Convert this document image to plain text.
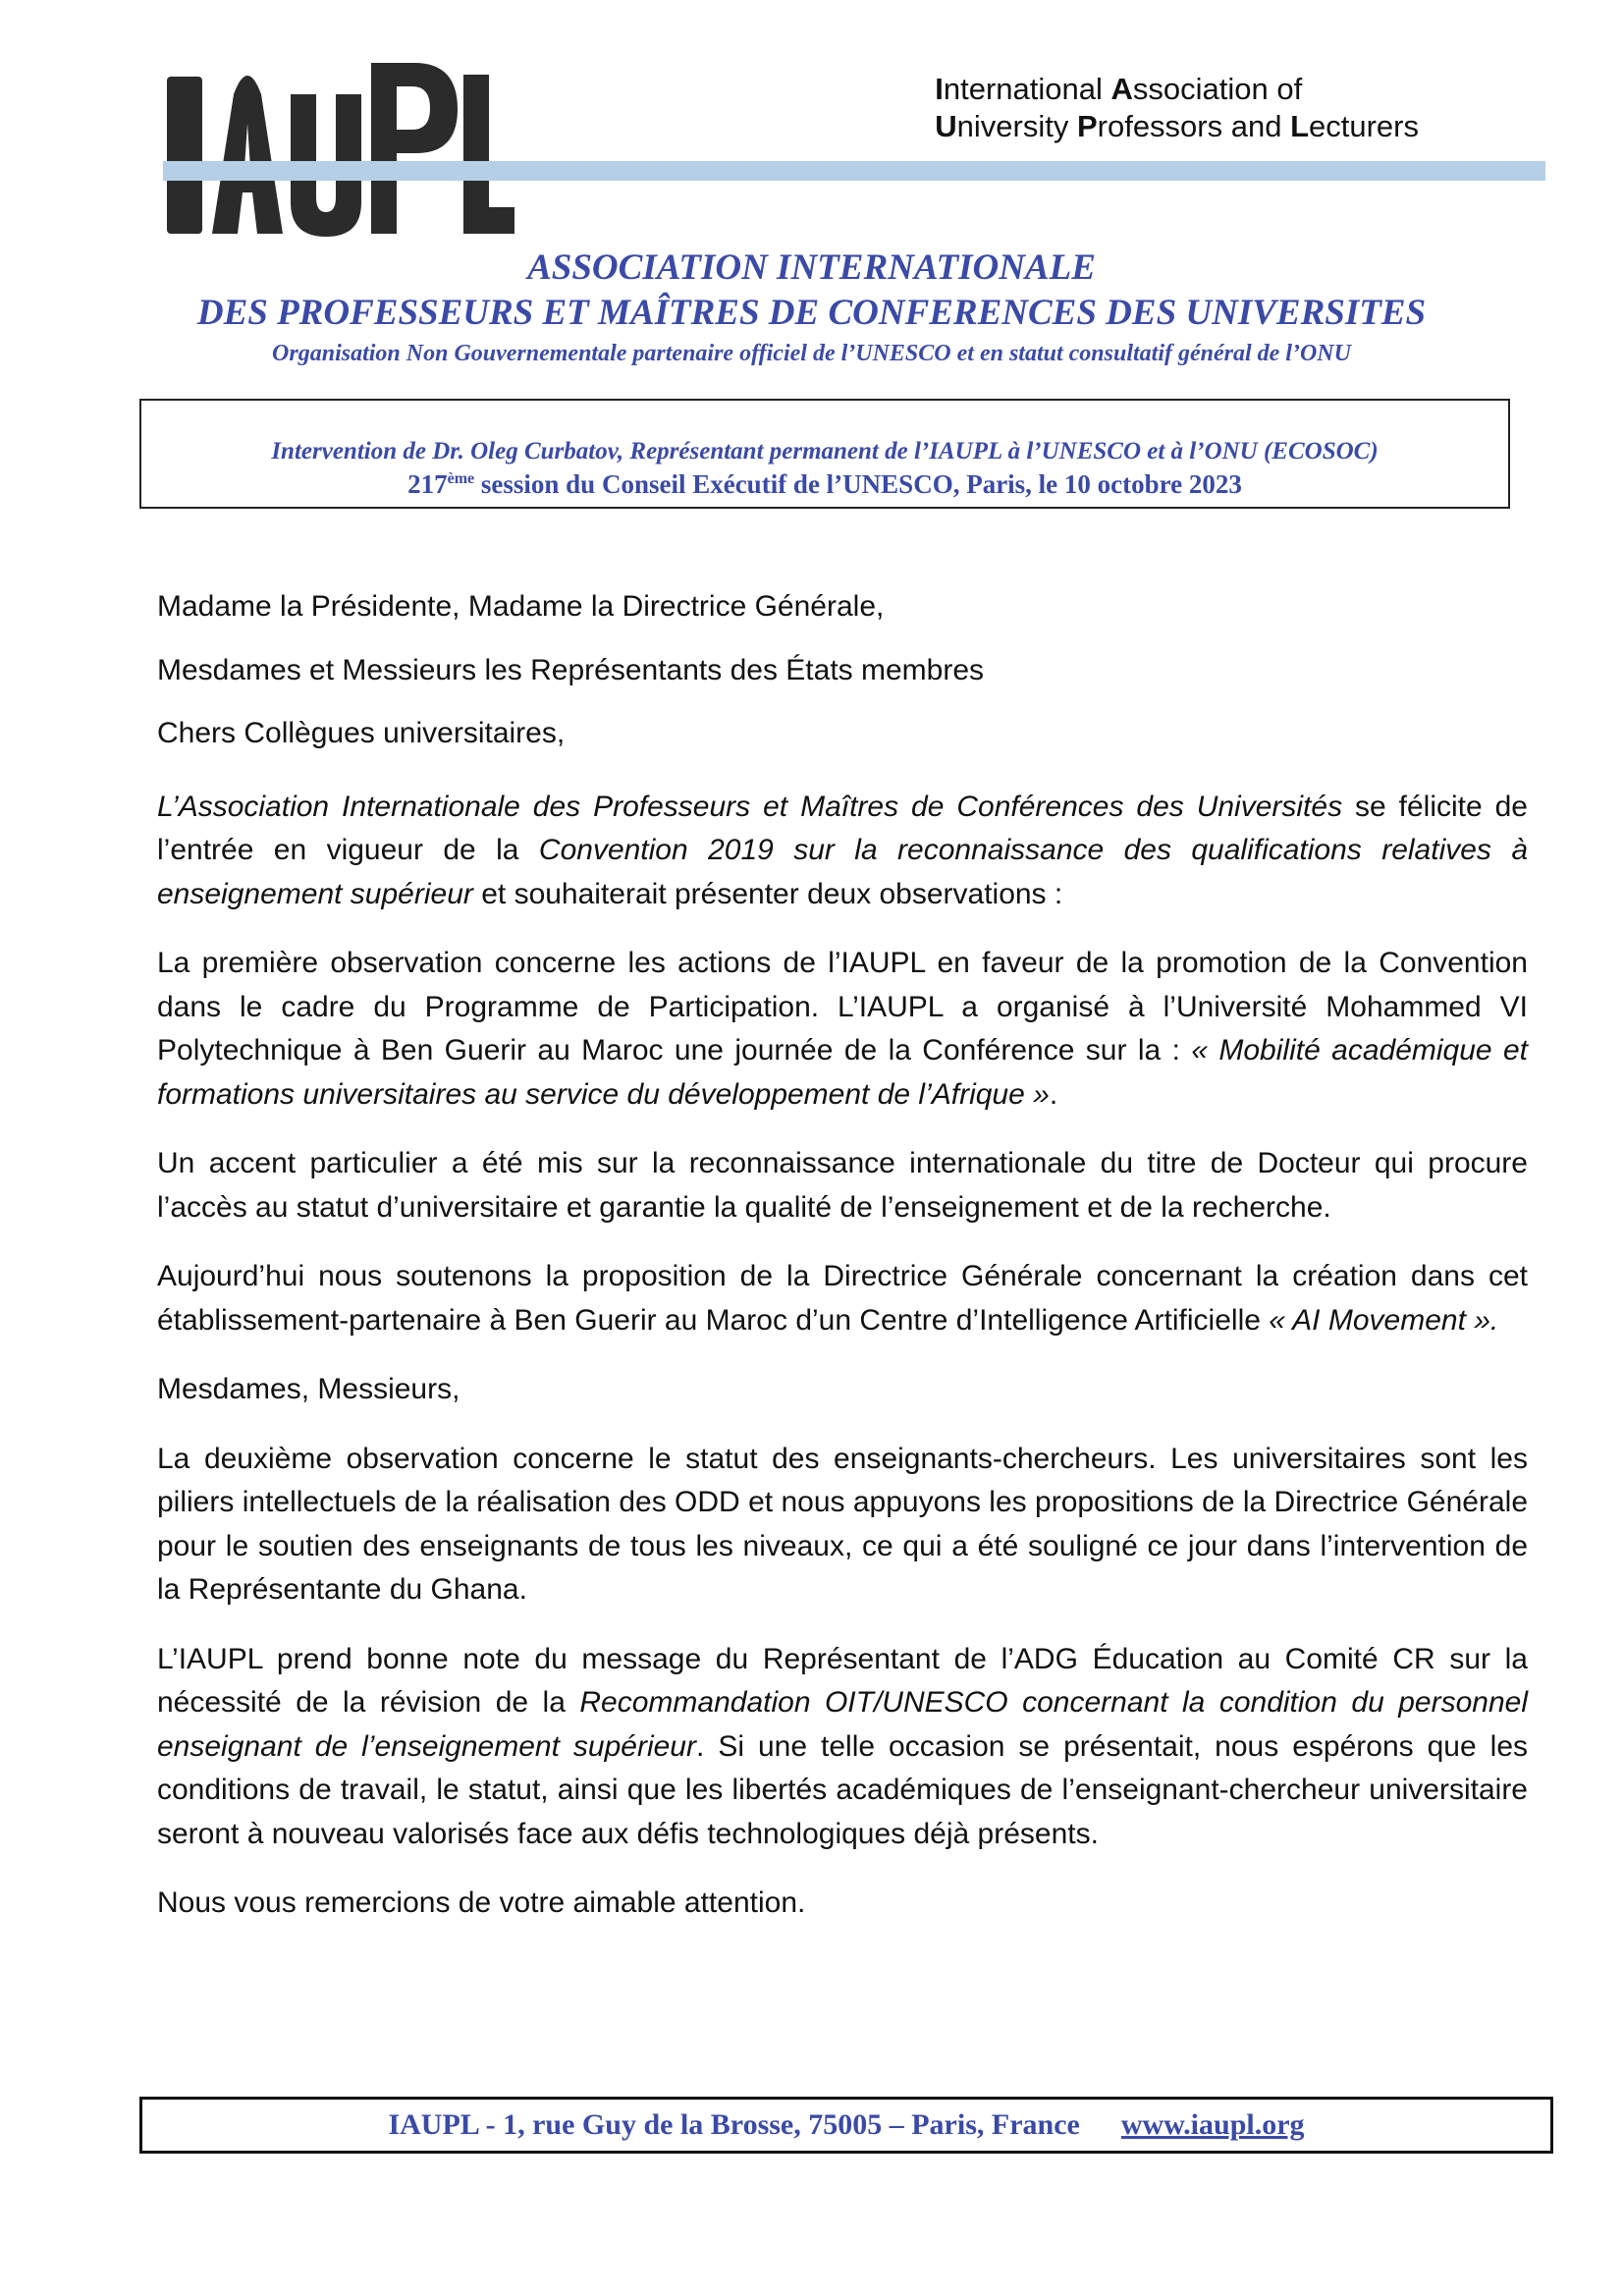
International Association of
University Professors and Lecturers

ASSOCIATION INTERNATIONALE

DES PROFESSEURS ET MAÎTRES DE CONFERENCES DES UNIVERSITES

Organisation Non Gouvernementale partenaire officiel de l’UNESCO et en statut consultatif général de l’ONU

Intervention de Dr. Oleg Curbatov, Représentant permanent de l’IAUPL à l’UNESCO et à l’ONU (ECOSOC)

217ème session du Conseil Exécutif de l’UNESCO, Paris, le 10 octobre 2023

Madame la Présidente, Madame la Directrice Générale,

Mesdames et Messieurs les Représentants des États membres

Chers Collègues universitaires,

L’Association Internationale des Professeurs et Maîtres de Conférences des Universités se félicite de l’entrée en vigueur de la Convention 2019 sur la reconnaissance des qualifications relatives à enseignement supérieur et souhaiterait présenter deux observations :

La première observation concerne les actions de l’IAUPL en faveur de la promotion de la Convention dans le cadre du Programme de Participation. L’IAUPL a organisé à l’Université Mohammed VI Polytechnique à Ben Guerir au Maroc une journée de la Conférence sur la : « Mobilité académique et formations universitaires au service du développement de l’Afrique ».

Un accent particulier a été mis sur la reconnaissance internationale du titre de Docteur qui procure l’accès au statut d’universitaire et garantie la qualité de l’enseignement et de la recherche.

Aujourd’hui nous soutenons la proposition de la Directrice Générale concernant la création dans cet établissement-partenaire à Ben Guerir au Maroc d’un Centre d’Intelligence Artificielle « AI Movement ».

Mesdames, Messieurs,

La deuxième observation concerne le statut des enseignants-chercheurs. Les universitaires sont les piliers intellectuels de la réalisation des ODD et nous appuyons les propositions de la Directrice Générale pour le soutien des enseignants de tous les niveaux, ce qui a été souligné ce jour dans l’intervention de la Représentante du Ghana.

L’IAUPL prend bonne note du message du Représentant de l’ADG Éducation au Comité CR sur la nécessité de la révision de la Recommandation OIT/UNESCO concernant la condition du personnel enseignant de l’enseignement supérieur. Si une telle occasion se présentait, nous espérons que les conditions de travail, le statut, ainsi que les libertés académiques de l’enseignant-chercheur universitaire seront à nouveau valorisés face aux défis technologiques déjà présents.

Nous vous remercions de votre aimable attention.

IAUPL - 1, rue Guy de la Brosse, 75005 – Paris, France www.iaupl.org
